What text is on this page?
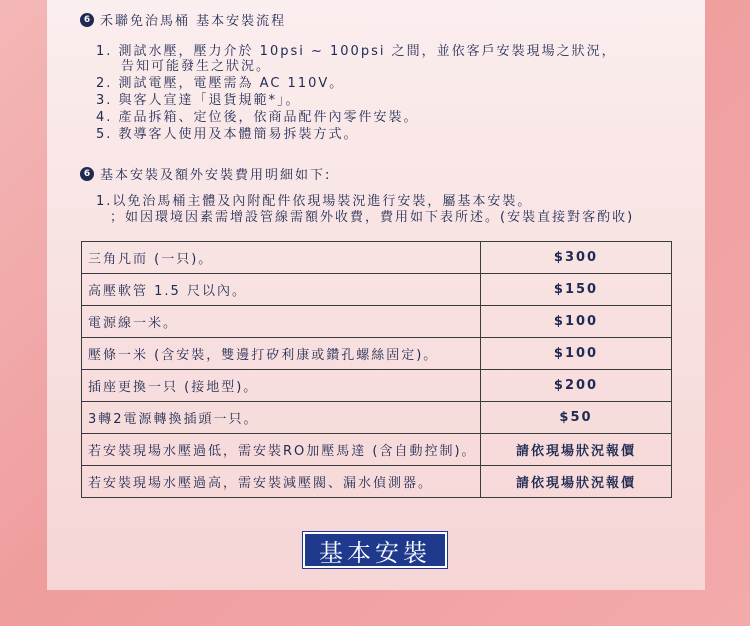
6 禾聯免治馬桶 基本安裝流程
1. 測試水壓，壓力介於 10psi ~ 100psi 之間，並依客戶安裝現場之狀況，
告知可能發生之狀況。
2. 測試電壓，電壓需為 AC 110V。
3. 與客人宣達「退貨規範*」。
4. 產品拆箱、定位後，依商品配件內零件安裝。
5. 教導客人使用及本體簡易拆裝方式。
6 基本安裝及額外安裝費用明細如下:
1.以免治馬桶主體及內附配件依現場裝況進行安裝，屬基本安裝。
；如因環境因素需增設管線需額外收費，費用如下表所述。(安裝直接對客酌收)
三角凡而 (一只)。	$300
高壓軟管 1.5 尺以內。	$150
電源線一米。	$100
壓條一米 (含安裝，雙邊打矽利康或鑽孔螺絲固定)。	$100
插座更換一只 (接地型)。	$200
3轉2電源轉換插頭一只。	$50
若安裝現場水壓過低，需安裝RO加壓馬達 (含自動控制)。	請依現場狀況報價
若安裝現場水壓過高，需安裝減壓閥、漏水偵測器。	請依現場狀況報價
基本安裝
